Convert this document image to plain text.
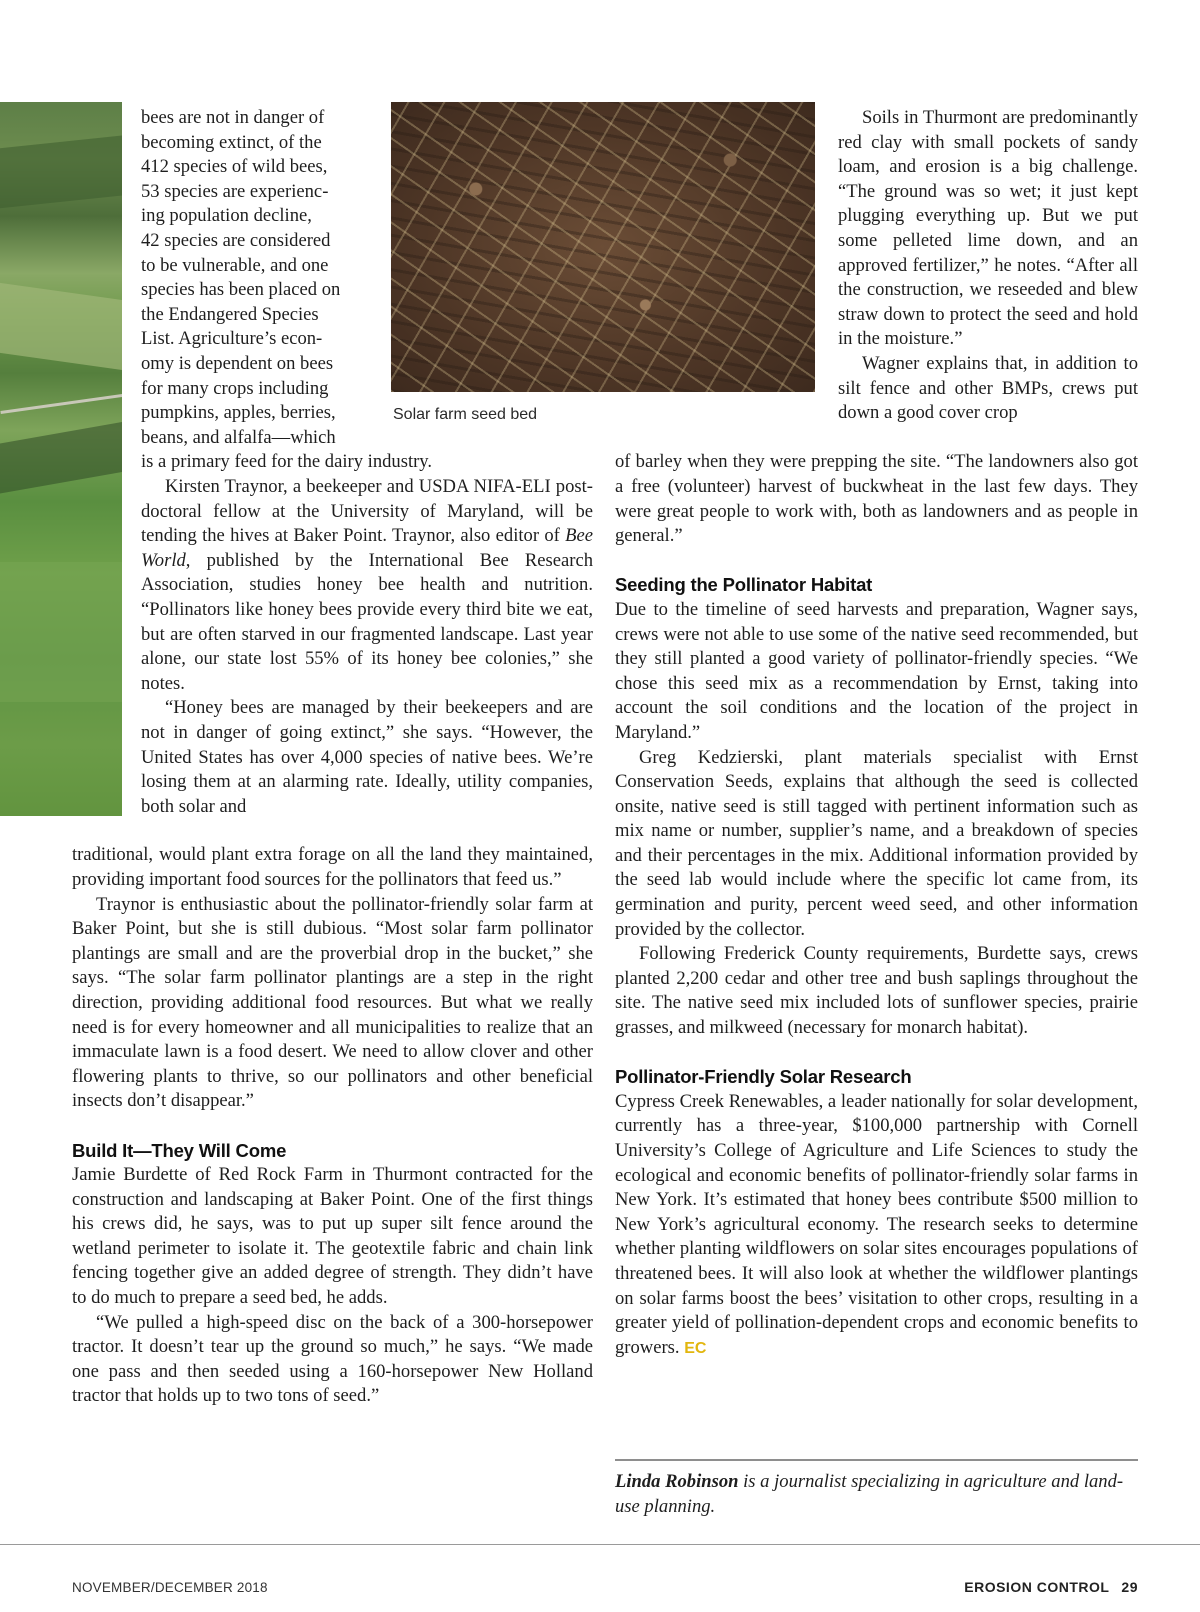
Solar farm seed bed
bees are not in danger of
becoming extinct, of the
412 species of wild bees,
53 species are experienc-
ing population decline,
42 species are considered
to be vulnerable, and one
species has been placed on
the Endangered Species
List. Agriculture’s econ-
omy is dependent on bees
for many crops including
pumpkins, apples, berries,
beans, and alfalfa—which

is a primary feed for the dairy industry.

Kirsten Traynor, a beekeeper and USDA NIFA-ELI post-doctoral fellow at the University of Maryland, will be tending the hives at Baker Point. Traynor, also editor of Bee World, published by the International Bee Research Association, studies honey bee health and nutrition. “Pollinators like honey bees provide every third bite we eat, but are often starved in our fragmented landscape. Last year alone, our state lost 55% of its honey bee colonies,” she notes.

“Honey bees are managed by their beekeepers and are not in danger of going extinct,” she says. “However, the United States has over 4,000 species of native bees. We’re losing them at an alarming rate. Ideally, utility companies, both solar and

traditional, would plant extra forage on all the land they maintained, providing important food sources for the pollinators that feed us.”

Traynor is enthusiastic about the pollinator-friendly solar farm at Baker Point, but she is still dubious. “Most solar farm pollinator plantings are small and are the proverbial drop in the bucket,” she says. “The solar farm pollinator plantings are a step in the right direction, providing additional food resources. But what we really need is for every homeowner and all municipalities to realize that an immaculate lawn is a food desert. We need to allow clover and other flowering plants to thrive, so our pollinators and other beneficial insects don’t disappear.”

Build It—They Will Come

Jamie Burdette of Red Rock Farm in Thurmont contracted for the construction and landscaping at Baker Point. One of the first things his crews did, he says, was to put up super silt fence around the wetland perimeter to isolate it. The geotextile fabric and chain link fencing together give an added degree of strength. They didn’t have to do much to prepare a seed bed, he adds.

“We pulled a high-speed disc on the back of a 300-horsepower tractor. It doesn’t tear up the ground so much,” he says. “We made one pass and then seeded using a 160-horsepower New Holland tractor that holds up to two tons of seed.”

Soils in Thurmont are predominantly red clay with small pockets of sandy loam, and erosion is a big challenge. “The ground was so wet; it just kept plugging everything up. But we put some pelleted lime down, and an approved fertilizer,” he notes. “After all the construction, we reseeded and blew straw down to protect the seed and hold in the moisture.”

Wagner explains that, in addition to silt fence and other BMPs, crews put down a good cover crop

of barley when they were prepping the site. “The landowners also got a free (volunteer) harvest of buckwheat in the last few days. They were great people to work with, both as landowners and as people in general.”

Seeding the Pollinator Habitat

Due to the timeline of seed harvests and preparation, Wagner says, crews were not able to use some of the native seed recommended, but they still planted a good variety of pollinator-friendly species. “We chose this seed mix as a recommendation by Ernst, taking into account the soil conditions and the location of the project in Maryland.”

Greg Kedzierski, plant materials specialist with Ernst Conservation Seeds, explains that although the seed is collected onsite, native seed is still tagged with pertinent information such as mix name or number, supplier’s name, and a breakdown of species and their percentages in the mix. Additional information provided by the seed lab would include where the specific lot came from, its germination and purity, percent weed seed, and other information provided by the collector.

Following Frederick County requirements, Burdette says, crews planted 2,200 cedar and other tree and bush saplings throughout the site. The native seed mix included lots of sunflower species, prairie grasses, and milkweed (necessary for monarch habitat).

Pollinator-Friendly Solar Research

Cypress Creek Renewables, a leader nationally for solar development, currently has a three-year, $100,000 partnership with Cornell University’s College of Agriculture and Life Sciences to study the ecological and economic benefits of pollinator-friendly solar farms in New York. It’s estimated that honey bees contribute $500 million to New York’s agricultural economy. The research seeks to determine whether planting wildflowers on solar sites encourages populations of threatened bees. It will also look at whether the wildflower plantings on solar farms boost the bees’ visitation to other crops, resulting in a greater yield of pollination-dependent crops and economic benefits to growers. EC

Linda Robinson is a journalist specializing in agriculture and land-use planning.
NOVEMBER/DECEMBER 2018	EROSION CONTROL 29
